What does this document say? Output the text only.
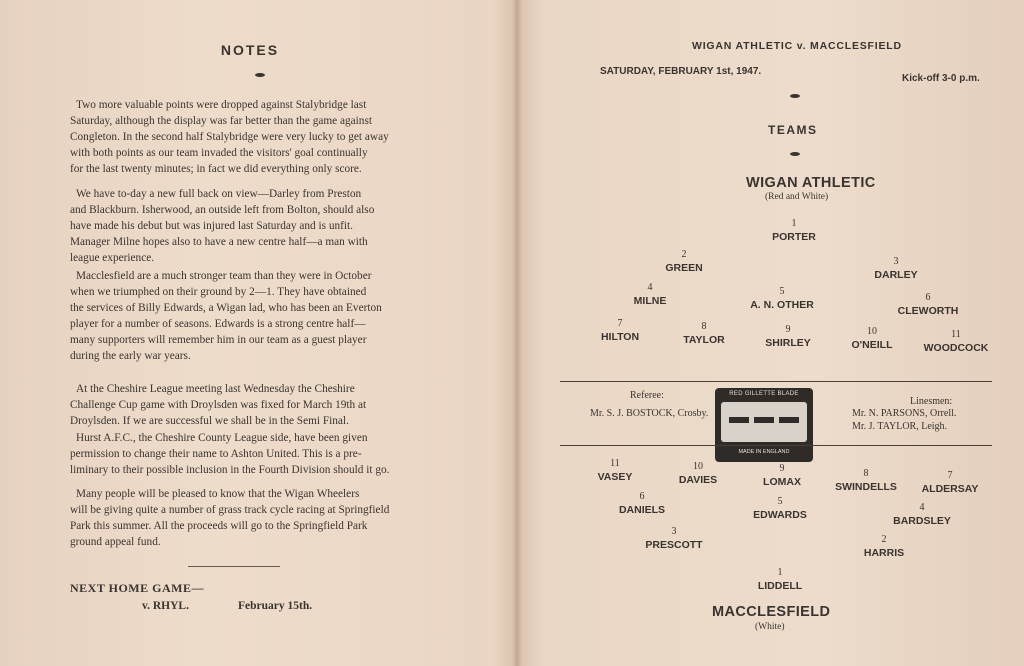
NOTES
Two more valuable points were dropped against Stalybridge last
Saturday, although the display was far better than the game against
Congleton. In the second half Stalybridge were very lucky to get away
with both points as our team invaded the visitors' goal continually
for the last twenty minutes; in fact we did everything only score.
We have to-day a new full back on view—Darley from Preston
and Blackburn. Isherwood, an outside left from Bolton, should also
have made his debut but was injured last Saturday and is unfit.
Manager Milne hopes also to have a new centre half—a man with
league experience.
Macclesfield are a much stronger team than they were in October
when we triumphed on their ground by 2—1. They have obtained
the services of Billy Edwards, a Wigan lad, who has been an Everton
player for a number of seasons. Edwards is a strong centre half—
many supporters will remember him in our team as a guest player
during the early war years.
At the Cheshire League meeting last Wednesday the Cheshire
Challenge Cup game with Droylsden was fixed for March 19th at
Droylsden. If we are successful we shall be in the Semi Final.
Hurst A.F.C., the Cheshire County League side, have been given
permission to change their name to Ashton United. This is a pre-
liminary to their possible inclusion in the Fourth Division should it go.
Many people will be pleased to know that the Wigan Wheelers
will be giving quite a number of grass track cycle racing at Springfield
Park this summer. All the proceeds will go to the Springfield Park
ground appeal fund.
NEXT HOME GAME—
v. RHYL.	February 15th.
WIGAN ATHLETIC v. MACCLESFIELD
SATURDAY, FEBRUARY 1st, 1947.
Kick-off 3-0 p.m.
TEAMS
WIGAN ATHLETIC
(Red and White)
1
PORTER
2
GREEN
3
DARLEY
4
MILNE
5
A. N. OTHER
6
CLEWORTH
7
HILTON
8
TAYLOR
9
SHIRLEY
10
O'NEILL
11
WOODCOCK
Referee:
Mr. S. J. BOSTOCK, Crosby.
RED GILLETTE BLADE
MADE IN ENGLAND
Linesmen:
Mr. N. PARSONS, Orrell.
Mr. J. TAYLOR, Leigh.
11
VASEY
10
DAVIES
9
LOMAX
8
SWINDELLS
7
ALDERSAY
6
DANIELS
5
EDWARDS
4
BARDSLEY
3
PRESCOTT	2
HARRIS
1
LIDDELL
MACCLESFIELD
(White)
